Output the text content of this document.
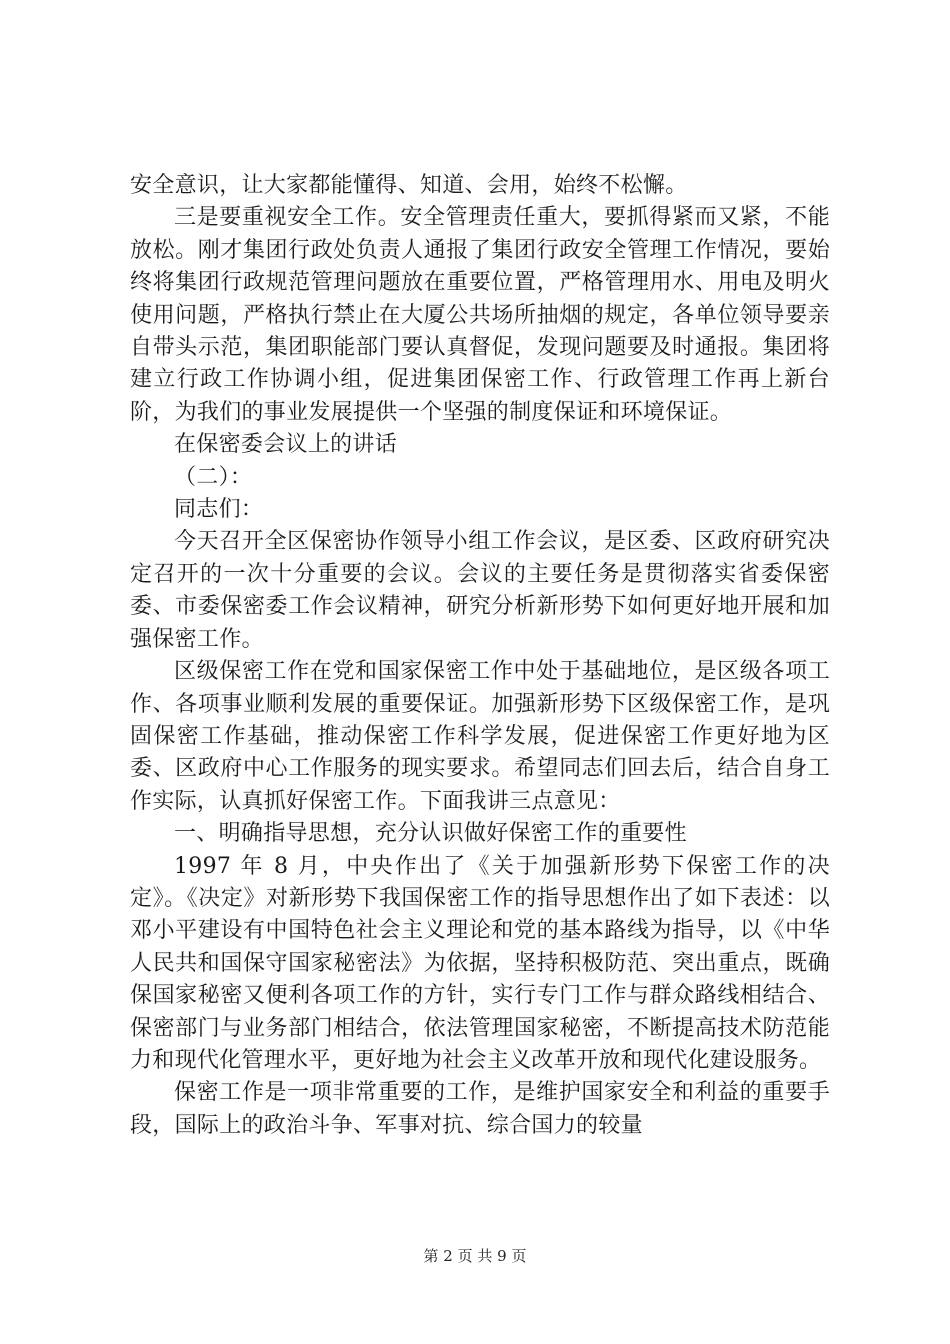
安全意识，让大家都能懂得、知道、会用，始终不松懈。

三是要重视安全工作。安全管理责任重大，要抓得紧而又紧，不能放松。刚才集团行政处负责人通报了集团行政安全管理工作情况，要始终将集团行政规范管理问题放在重要位置，严格管理用水、用电及明火使用问题，严格执行禁止在大厦公共场所抽烟的规定，各单位领导要亲自带头示范，集团职能部门要认真督促，发现问题要及时通报。集团将建立行政工作协调小组，促进集团保密工作、行政管理工作再上新台阶，为我们的事业发展提供一个坚强的制度保证和环境保证。

在保密委会议上的讲话

（二）：

同志们：

今天召开全区保密协作领导小组工作会议，是区委、区政府研究决定召开的一次十分重要的会议。会议的主要任务是贯彻落实省委保密委、市委保密委工作会议精神，研究分析新形势下如何更好地开展和加强保密工作。

区级保密工作在党和国家保密工作中处于基础地位，是区级各项工作、各项事业顺利发展的重要保证。加强新形势下区级保密工作，是巩固保密工作基础，推动保密工作科学发展，促进保密工作更好地为区委、区政府中心工作服务的现实要求。希望同志们回去后，结合自身工作实际，认真抓好保密工作。下面我讲三点意见：

一、明确指导思想，充分认识做好保密工作的重要性

1997 年 8 月，中央作出了《关于加强新形势下保密工作的决定》。《决定》对新形势下我国保密工作的指导思想作出了如下表述：以邓小平建设有中国特色社会主义理论和党的基本路线为指导，以《中华人民共和国保守国家秘密法》为依据，坚持积极防范、突出重点，既确保国家秘密又便利各项工作的方针，实行专门工作与群众路线相结合、保密部门与业务部门相结合，依法管理国家秘密，不断提高技术防范能力和现代化管理水平，更好地为社会主义改革开放和现代化建设服务。

保密工作是一项非常重要的工作，是维护国家安全和利益的重要手段，国际上的政治斗争、军事对抗、综合国力的较量

第 2 页 共 9 页
